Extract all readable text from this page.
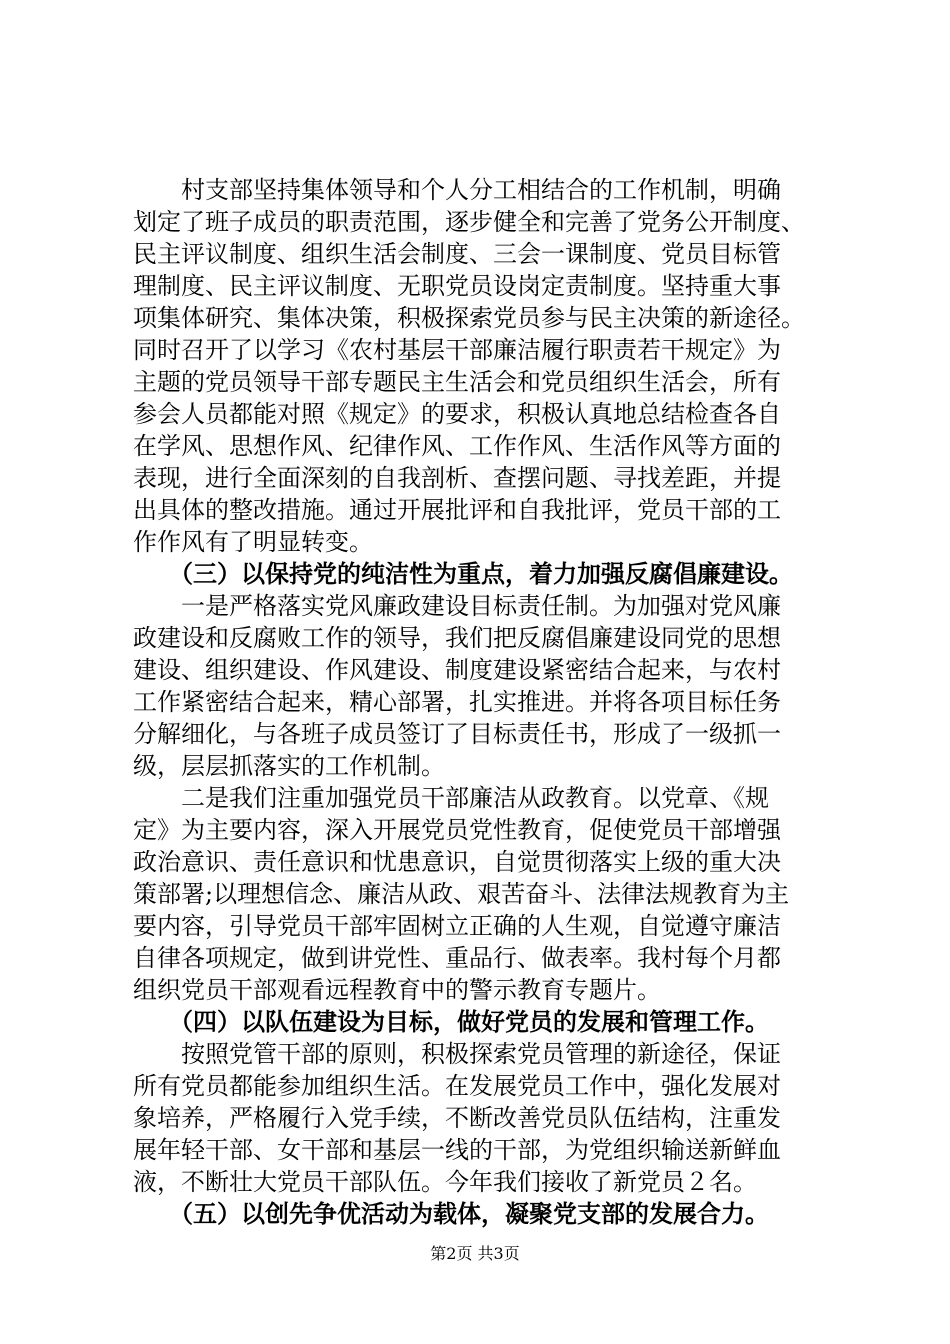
　　村支部坚持集体领导和个人分工相结合的工作机制，明确
划定了班子成员的职责范围，逐步健全和完善了党务公开制度、
民主评议制度、组织生活会制度、三会一课制度、党员目标管
理制度、民主评议制度、无职党员设岗定责制度。坚持重大事
项集体研究、集体决策，积极探索党员参与民主决策的新途径。
同时召开了以学习《农村基层干部廉洁履行职责若干规定》为
主题的党员领导干部专题民主生活会和党员组织生活会，所有
参会人员都能对照《规定》的要求，积极认真地总结检查各自
在学风、思想作风、纪律作风、工作作风、生活作风等方面的
表现，进行全面深刻的自我剖析、查摆问题、寻找差距，并提
出具体的整改措施。通过开展批评和自我批评，党员干部的工
作作风有了明显转变。
　　（三）以保持党的纯洁性为重点，着力加强反腐倡廉建设。
　　一是严格落实党风廉政建设目标责任制。为加强对党风廉
政建设和反腐败工作的领导，我们把反腐倡廉建设同党的思想
建设、组织建设、作风建设、制度建设紧密结合起来，与农村
工作紧密结合起来，精心部署，扎实推进。并将各项目标任务
分解细化，与各班子成员签订了目标责任书，形成了一级抓一
级，层层抓落实的工作机制。
　　二是我们注重加强党员干部廉洁从政教育。以党章、《规
定》为主要内容，深入开展党员党性教育，促使党员干部增强
政治意识、责任意识和忧患意识，自觉贯彻落实上级的重大决
策部署;以理想信念、廉洁从政、艰苦奋斗、法律法规教育为主
要内容，引导党员干部牢固树立正确的人生观，自觉遵守廉洁
自律各项规定，做到讲党性、重品行、做表率。我村每个月都
组织党员干部观看远程教育中的警示教育专题片。
　　（四）以队伍建设为目标，做好党员的发展和管理工作。
　　按照党管干部的原则，积极探索党员管理的新途径，保证
所有党员都能参加组织生活。在发展党员工作中，强化发展对
象培养，严格履行入党手续，不断改善党员队伍结构，注重发
展年轻干部、女干部和基层一线的干部，为党组织输送新鲜血
液，不断壮大党员干部队伍。今年我们接收了新党员２名。
　　（五）以创先争优活动为载体，凝聚党支部的发展合力。
第2页 共3页
